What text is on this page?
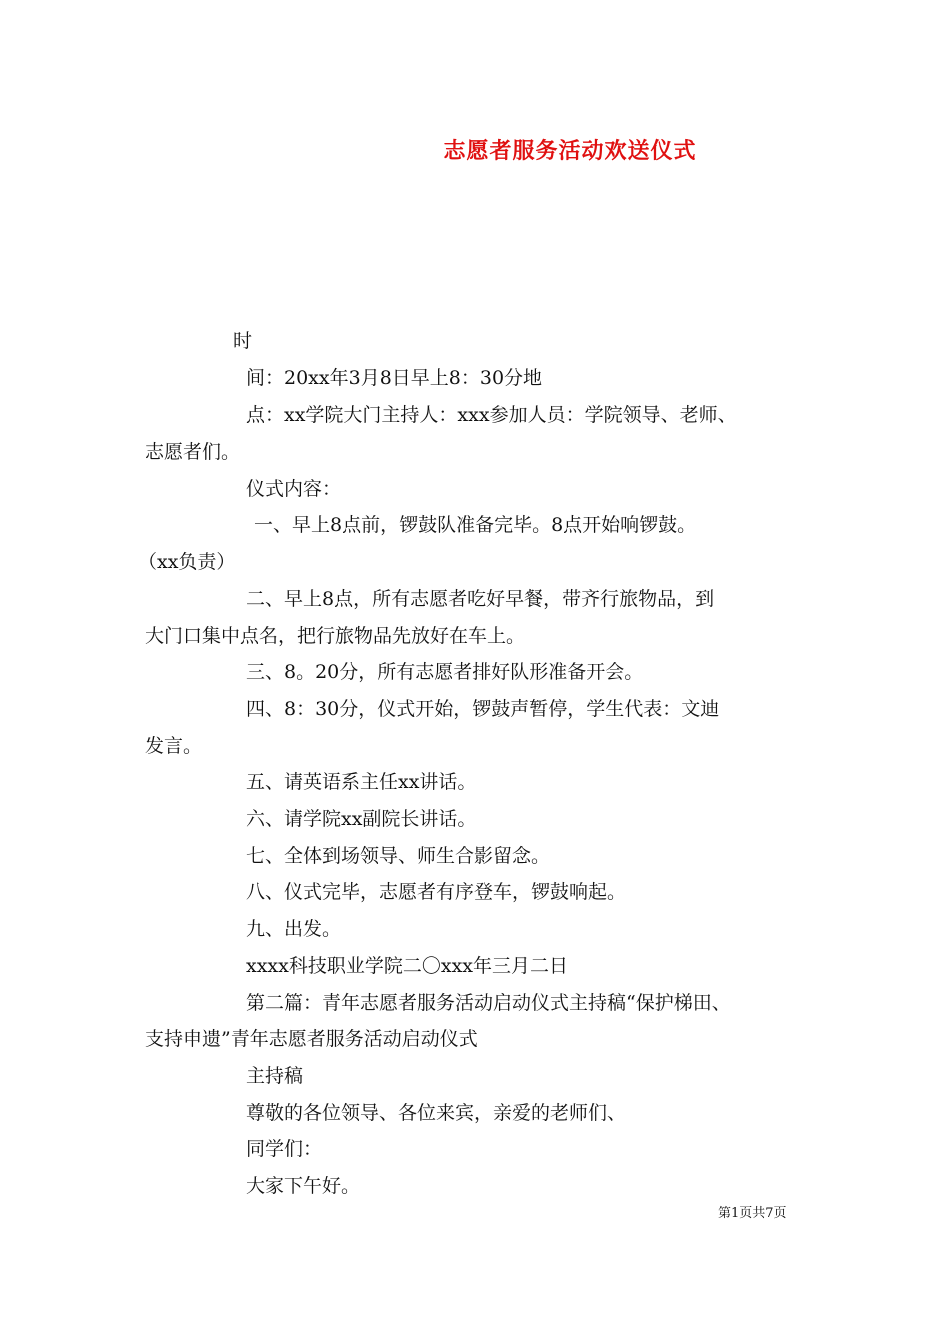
志愿者服务活动欢送仪式
时
间：20xx年3月8日早上8：30分地
点：xx学院大门主持人：xxx参加人员：学院领导、老师、
志愿者们。
仪式内容：
一、早上8点前，锣鼓队准备完毕。8点开始响锣鼓。
（xx负责）
二、早上8点，所有志愿者吃好早餐，带齐行旅物品，到
大门口集中点名，把行旅物品先放好在车上。
三、8。20分，所有志愿者排好队形准备开会。
四、8：30分，仪式开始，锣鼓声暂停，学生代表：文迪
发言。
五、请英语系主任xx讲话。
六、请学院xx副院长讲话。
七、全体到场领导、师生合影留念。
八、仪式完毕，志愿者有序登车，锣鼓响起。
九、出发。
xxxx科技职业学院二〇xxx年三月二日
第二篇：青年志愿者服务活动启动仪式主持稿“保护梯田、
支持申遗”青年志愿者服务活动启动仪式
主持稿
尊敬的各位领导、各位来宾，亲爱的老师们、
同学们：
大家下午好。
第1页共7页
